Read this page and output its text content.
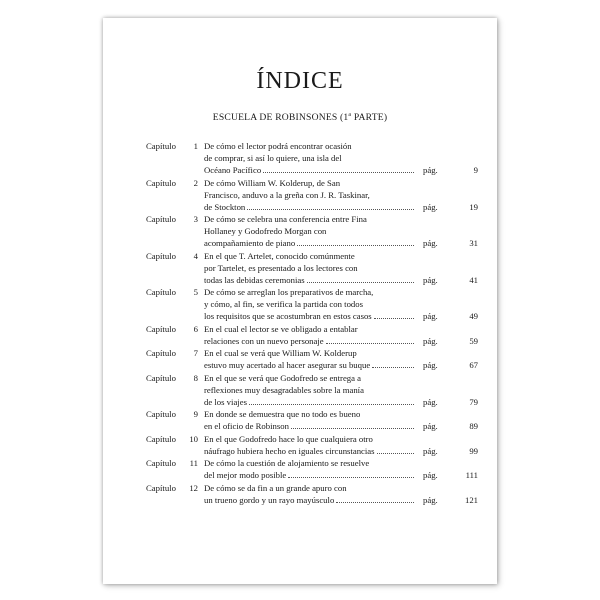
ÍNDICE
ESCUELA DE ROBINSONES (1$^a$ PARTE)
Capítulo	1 De cómo el lector podrá encontrar ocasión
de comprar, si así lo quiere, una isla del
Océano Pacífico	pág.	9
Capítulo	2 De cómo William W. Kolderup, de San
Francisco, anduvo a la greña con J. R. Taskinar,
de Stockton	pág.	19
Capítulo	3 De cómo se celebra una conferencia entre Fina
Hollaney y Godofredo Morgan con
acompañamiento de piano	pág.	31
Capítulo	4 En el que T. Artelet, conocido comúnmente
por Tartelet, es presentado a los lectores con
todas las debidas ceremonias	pág.	41
Capítulo	5 De cómo se arreglan los preparativos de marcha,
y cómo, al fin, se verifica la partida con todos
los requisitos que se acostumbran en estos casos	pág.	49
Capítulo	6 En el cual el lector se ve obligado a entablar
relaciones con un nuevo personaje	pág.	59
Capítulo	7 En el cual se verá que William W. Kolderup
estuvo muy acertado al hacer asegurar su buque	pág.	67
Capítulo	8 En el que se verá que Godofredo se entrega a
reflexiones muy desagradables sobre la manía
de los viajes	pág.	79
Capítulo	9 En donde se demuestra que no todo es bueno
en el oficio de Robinson	pág.	89
Capítulo	10 En el que Godofredo hace lo que cualquiera otro
náufrago hubiera hecho en iguales circunstancias	pág.	99
Capítulo	11 De cómo la cuestión de alojamiento se resuelve
del mejor modo posible	pág.	111
Capítulo	12 De cómo se da fin a un grande apuro con
un trueno gordo y un rayo mayúsculo	pág.	121
